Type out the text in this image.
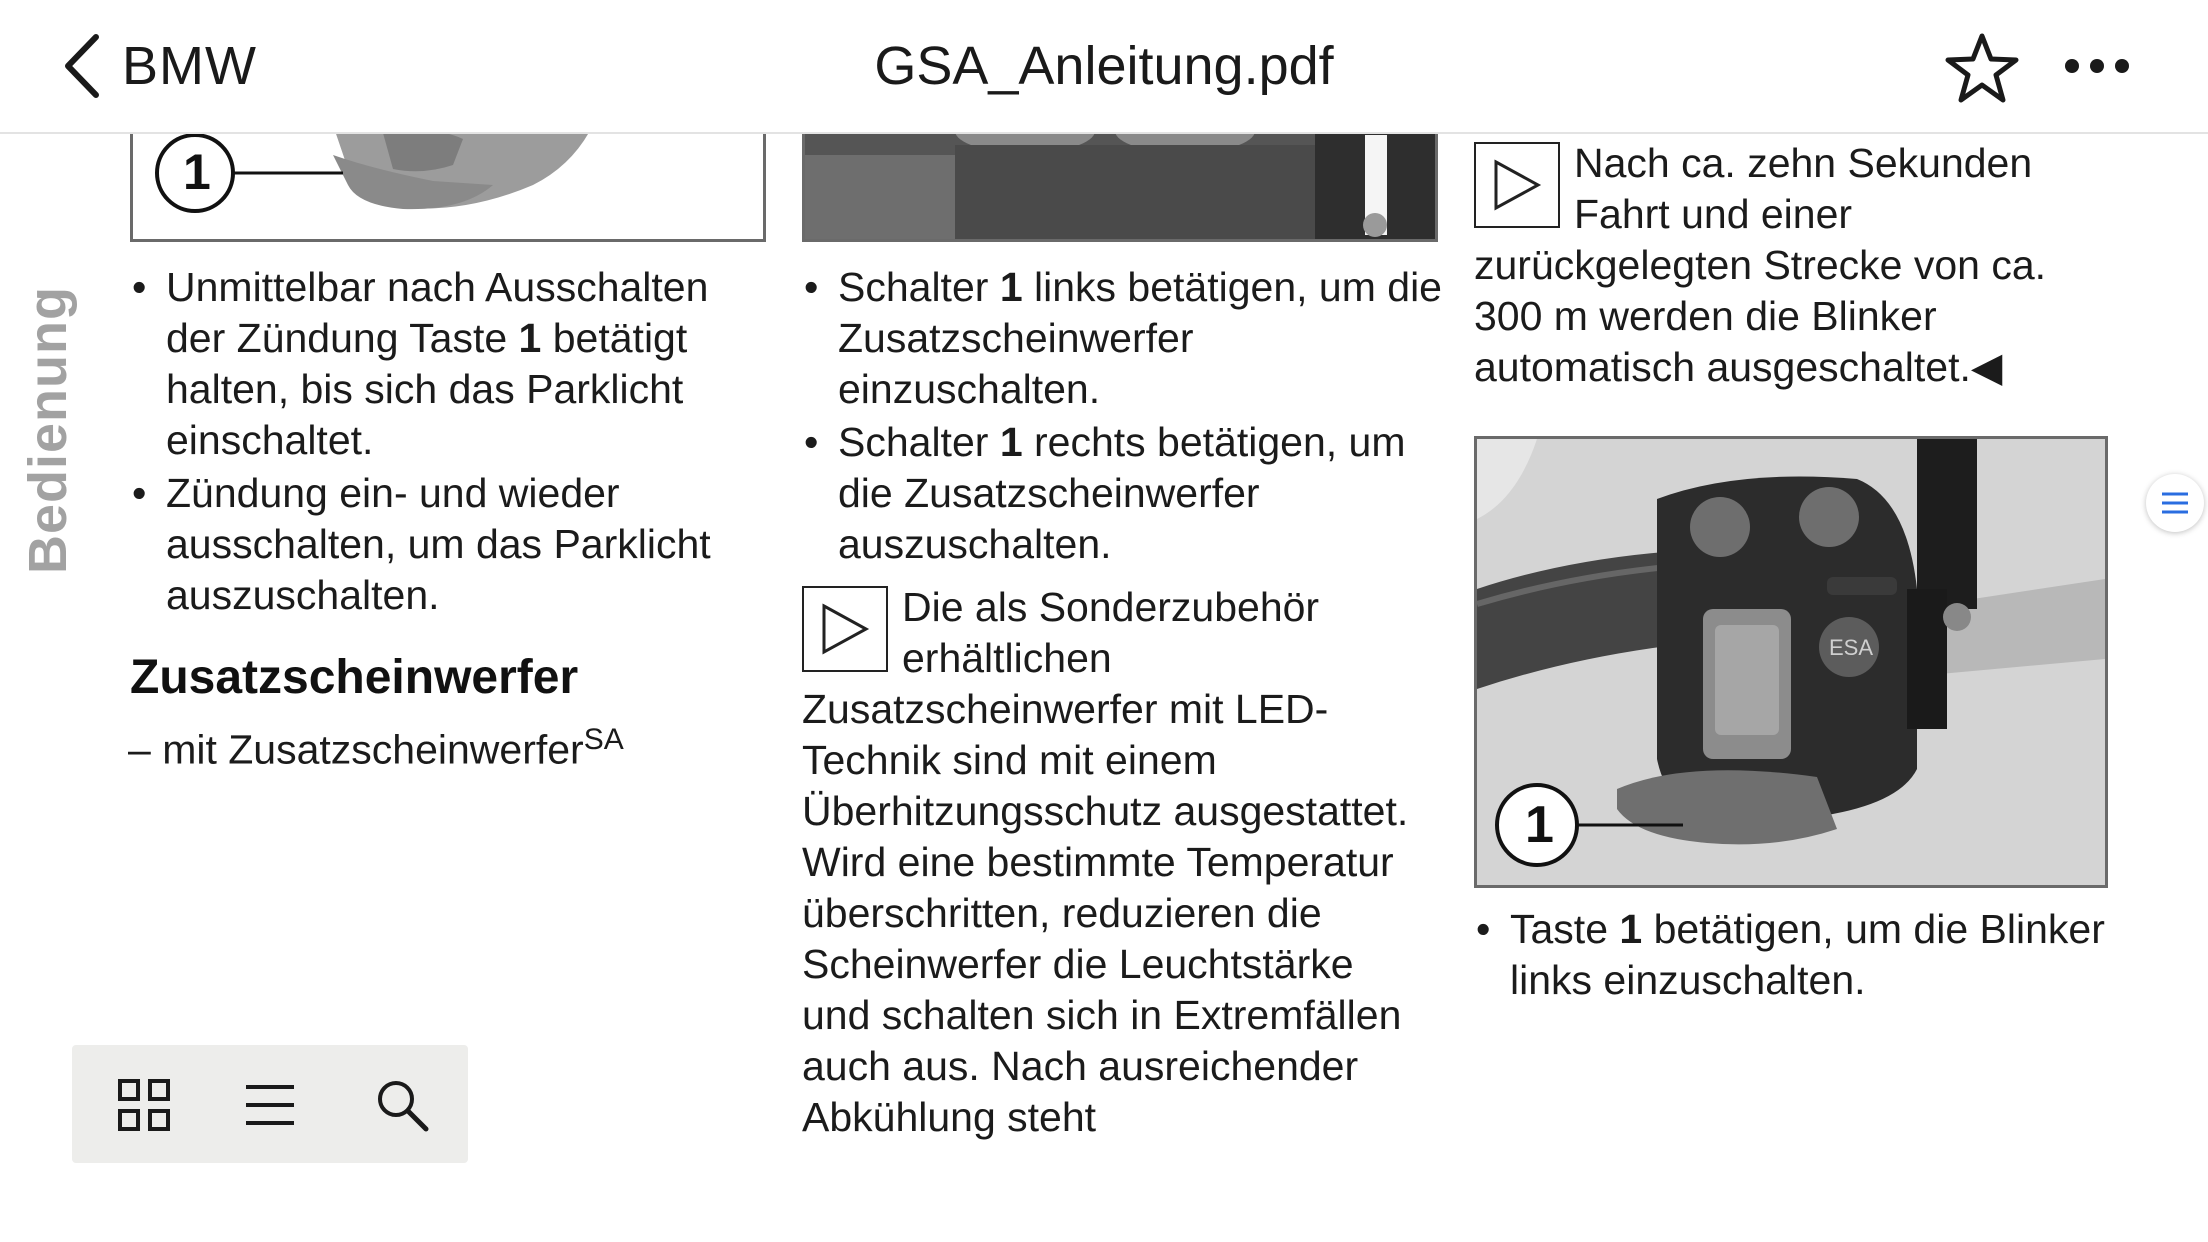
BMW	GSA_Anleitung.pdf
Bedienung
1
• Unmittelbar nach Ausschalten der Zündung Taste 1 betätigt halten, bis sich das Parklicht einschaltet.
• Zündung ein- und wieder ausschalten, um das Parklicht auszuschalten.
Zusatzscheinwerfer
– mit Zusatzscheinwerfer$^{SA}$
• Schalter 1 links betätigen, um die Zusatzscheinwerfer einzuschalten.
• Schalter 1 rechts betätigen, um die Zusatzscheinwerfer auszuschalten.
Die als Sonderzubehör erhältlichen Zusatzscheinwerfer mit LED-Technik sind mit einem Überhitzungsschutz ausgestattet. Wird eine bestimmte Temperatur überschritten, reduzieren die Scheinwerfer die Leuchtstärke und schalten sich in Extremfällen auch aus. Nach ausreichender Abkühlung steht
Nach ca. zehn Sekunden Fahrt und einer zurückgelegten Strecke von ca. 300 m werden die Blinker automatisch ausgeschaltet.◀
1
ESA
• Taste 1 betätigen, um die Blinker links einzuschalten.
